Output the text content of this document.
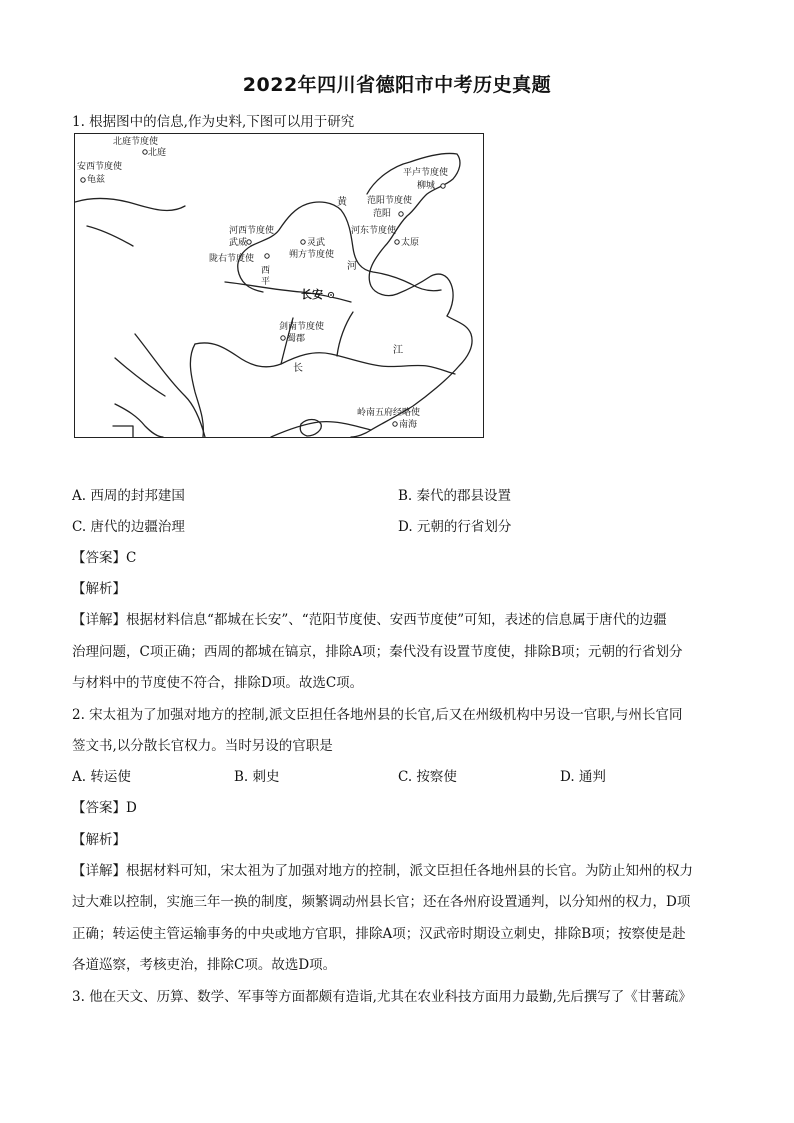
2022年四川省德阳市中考历史真题
1. 根据图中的信息,作为史料,下图可以用于研究
北庭节度使
北庭
安西节度使
龟兹
平卢节度使
柳城
范阳节度使
范阳
河东节度使
太原
河西节度使
武威	灵武
朔方节度使
陇右节度使
西
平
长安
剑南节度使
蜀郡
岭南五府经略使
南海
黄
河
长
江
A. 西周的封邦建国	B. 秦代的郡县设置
C. 唐代的边疆治理	D. 元朝的行省划分
【答案】C
【解析】
【详解】根据材料信息“都城在长安”、“范阳节度使、安西节度使”可知，表述的信息属于唐代的边疆
治理问题，C项正确；西周的都城在镐京，排除A项；秦代没有设置节度使，排除B项；元朝的行省划分
与材料中的节度使不符合，排除D项。故选C项。
2. 宋太祖为了加强对地方的控制,派文臣担任各地州县的长官,后又在州级机构中另设一官职,与州长官同
签文书,以分散长官权力。当时另设的官职是
A. 转运使	B. 刺史	C. 按察使	D. 通判
【答案】D
【解析】
【详解】根据材料可知，宋太祖为了加强对地方的控制，派文臣担任各地州县的长官。为防止知州的权力
过大难以控制，实施三年一换的制度，频繁调动州县长官；还在各州府设置通判，以分知州的权力，D项
正确；转运使主管运输事务的中央或地方官职，排除A项；汉武帝时期设立刺史，排除B项；按察使是赴
各道巡察，考核吏治，排除C项。故选D项。
3. 他在天文、历算、数学、军事等方面都颇有造诣,尤其在农业科技方面用力最勤,先后撰写了《甘薯疏》
